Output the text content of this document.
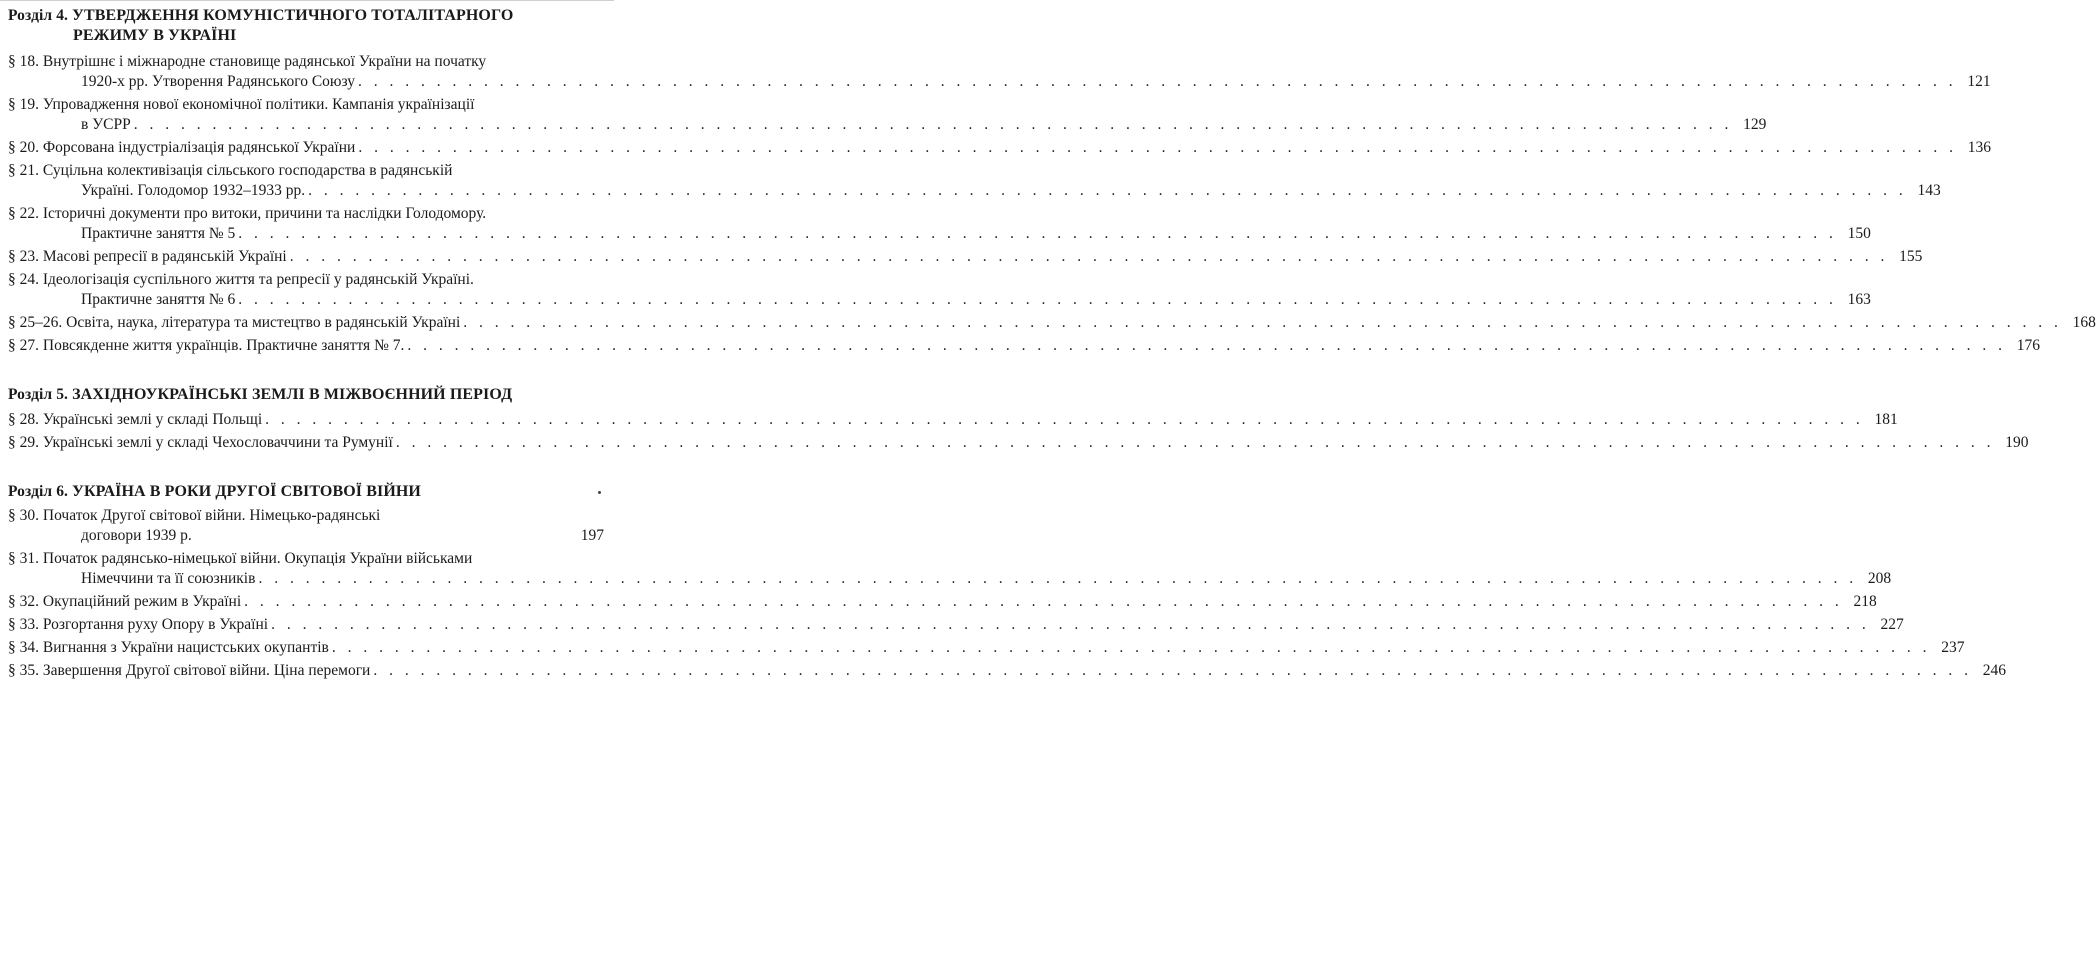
Розділ 4. УТВЕРДЖЕННЯ КОМУНІСТИЧНОГО ТОТАЛІТАРНОГО
РЕЖИМУ В УКРАЇНІ
§ 18.
Внутрішнє і міжнародне становище радянської України на початку
1920-х рр. Утворення Радянського Союзу . . .	121
§ 19.
Упровадження нової економічної політики. Кампанія українізації
в УСРР . . .	129
§ 20.
Форсована індустріалізація радянської України . . .	136
§ 21.
Суцільна колективізація сільського господарства в радянській
Україні. Голодомор 1932–1933 рр. . . .	143
§ 22.
Історичні документи про витоки, причини та наслідки Голодомору.
Практичне заняття № 5 . . .	150
§ 23.
Масові репресії в радянській Україні . . .	155
§ 24.
Ідеологізація суспільного життя та репресії у радянській Україні.
Практичне заняття № 6 . . .	163
§ 25–26.
Освіта, наука, література та мистецтво в радянській Україні . . .	168
§ 27.
Повсякденне життя українців. Практичне заняття № 7. . . .	176
Розділ 5. ЗАХІДНОУКРАЇНСЬКІ ЗЕМЛІ В МІЖВОЄННИЙ ПЕРІОД
§ 28.
Українські землі у складі Польщі . . .	181
§ 29.
Українські землі у складі Чехословаччини та Румунії . . .	190
Розділ 6. УКРАЇНА В РОКИ ДРУГОЇ СВІТОВОЇ ВІЙНИ
§ 30.
Початок Другої світової війни. Німецько-радянські
договори 1939 р.	197
§ 31.
Початок радянсько-німецької війни. Окупація України військами
Німеччини та її союзників . . .	208
§ 32.
Окупаційний режим в Україні . . .	218
§ 33.
Розгортання руху Опору в Україні . . .	227
§ 34.
Вигнання з України нацистських окупантів . . .	237
§ 35.
Завершення Другої світової війни. Ціна перемоги . . .	246
